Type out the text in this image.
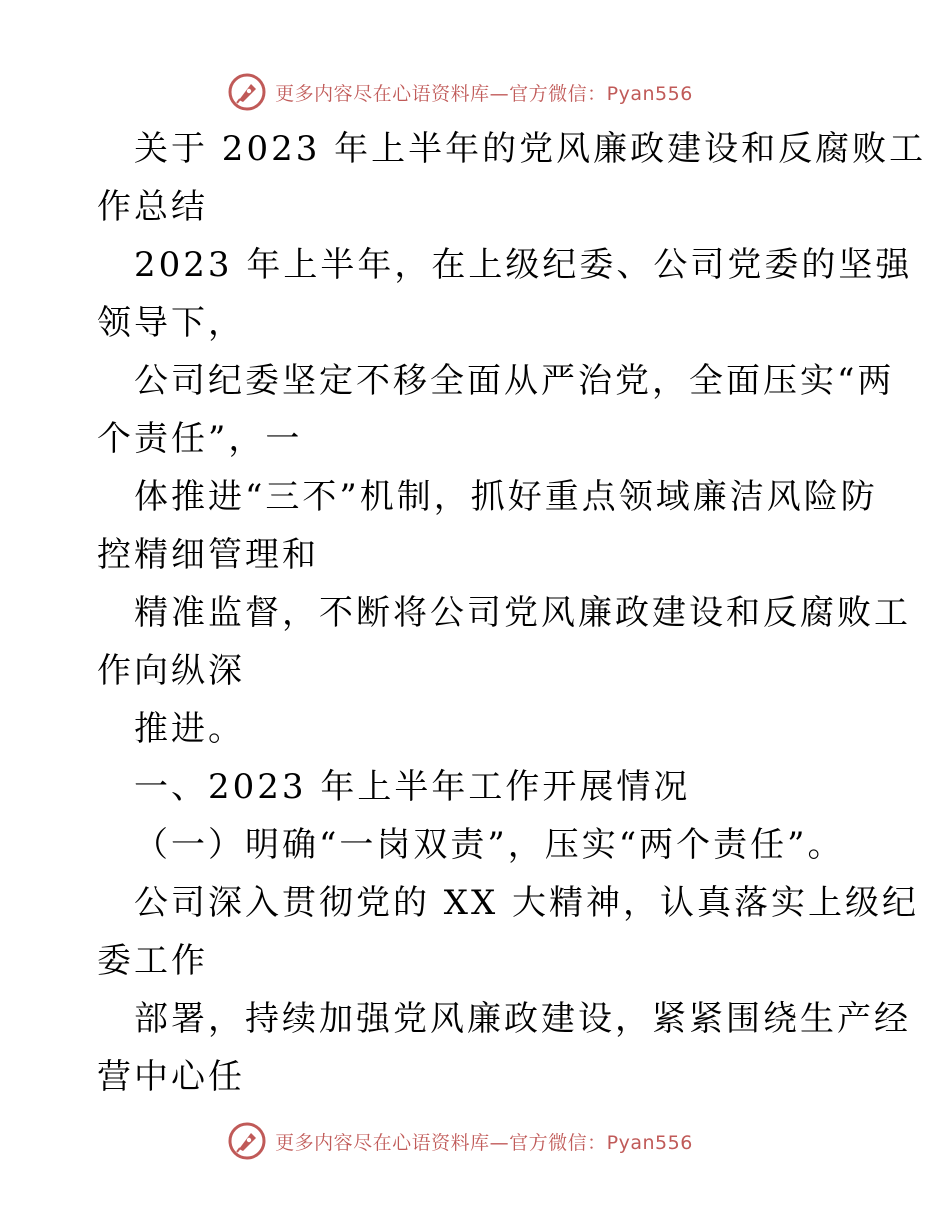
更多内容尽在心语资料库—官方微信：Pyan556
关于 2023 年上半年的党风廉政建设和反腐败工
作总结
2023 年上半年，在上级纪委、公司党委的坚强
领导下，
公司纪委坚定不移全面从严治党，全面压实“两
个责任”，一
体推进“三不”机制，抓好重点领域廉洁风险防
控精细管理和
精准监督，不断将公司党风廉政建设和反腐败工
作向纵深
推进。
一、2023 年上半年工作开展情况
（一）明确“一岗双责”，压实“两个责任”。
公司深入贯彻党的 XX 大精神，认真落实上级纪
委工作
部署，持续加强党风廉政建设，紧紧围绕生产经
营中心任
更多内容尽在心语资料库—官方微信：Pyan556
